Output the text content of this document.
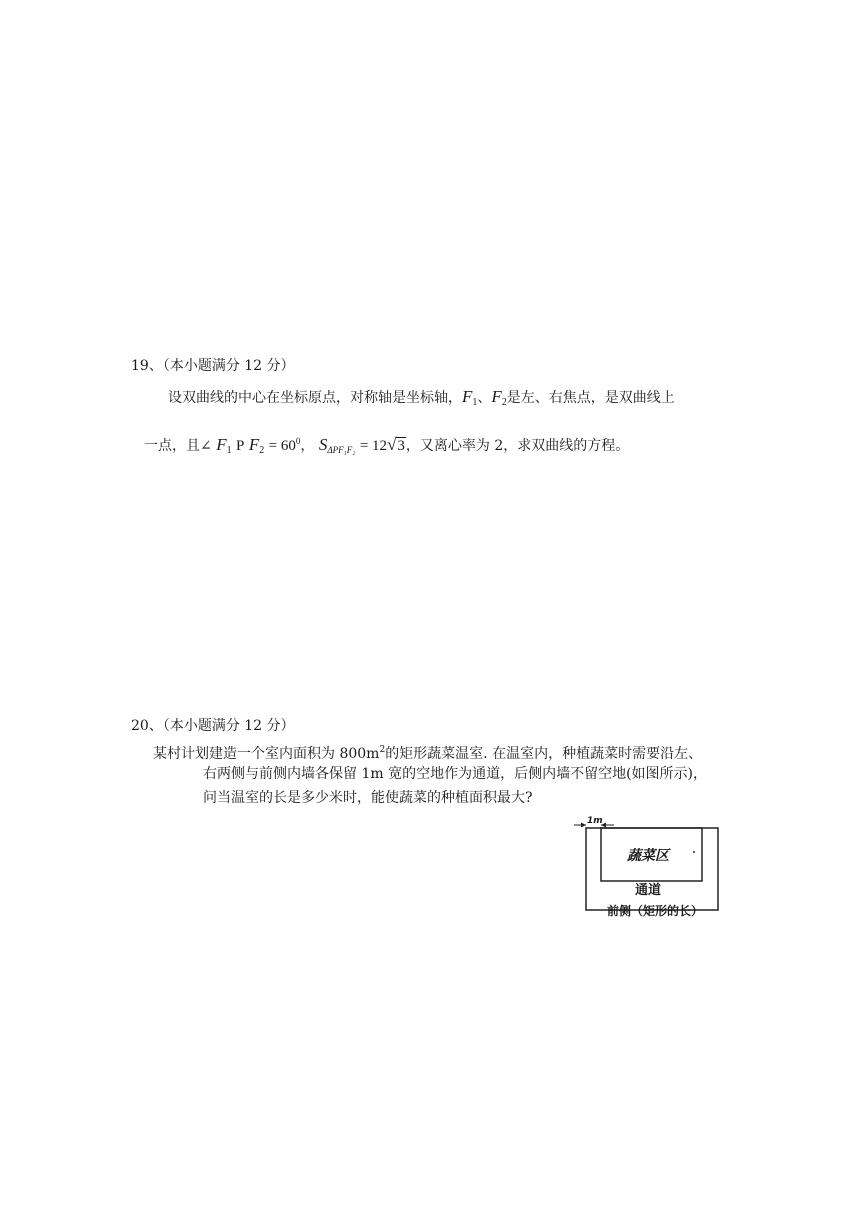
19、（本小题满分 12 分）
设双曲线的中心在坐标原点，对称轴是坐标轴，$F_1$、$F_2$是左、右焦点，是双曲线上
一点，且∠ $F_1$ P $F_2 = 60^0$， $S_{\Delta PF_1F_2} = 12√3$，又离心率为 2，求双曲线的方程。
20、（本小题满分 12 分）
某村计划建造一个室内面积为 $800m^2$的矩形蔬菜温室. 在温室内，种植蔬菜时需要沿左、
右两侧与前侧内墙各保留 1m 宽的空地作为通道，后侧内墙不留空地(如图所示)，
问当温室的长是多少米时，能使蔬菜的种植面积最大?
1m
蔬菜区
通道
前侧（矩形的长）
